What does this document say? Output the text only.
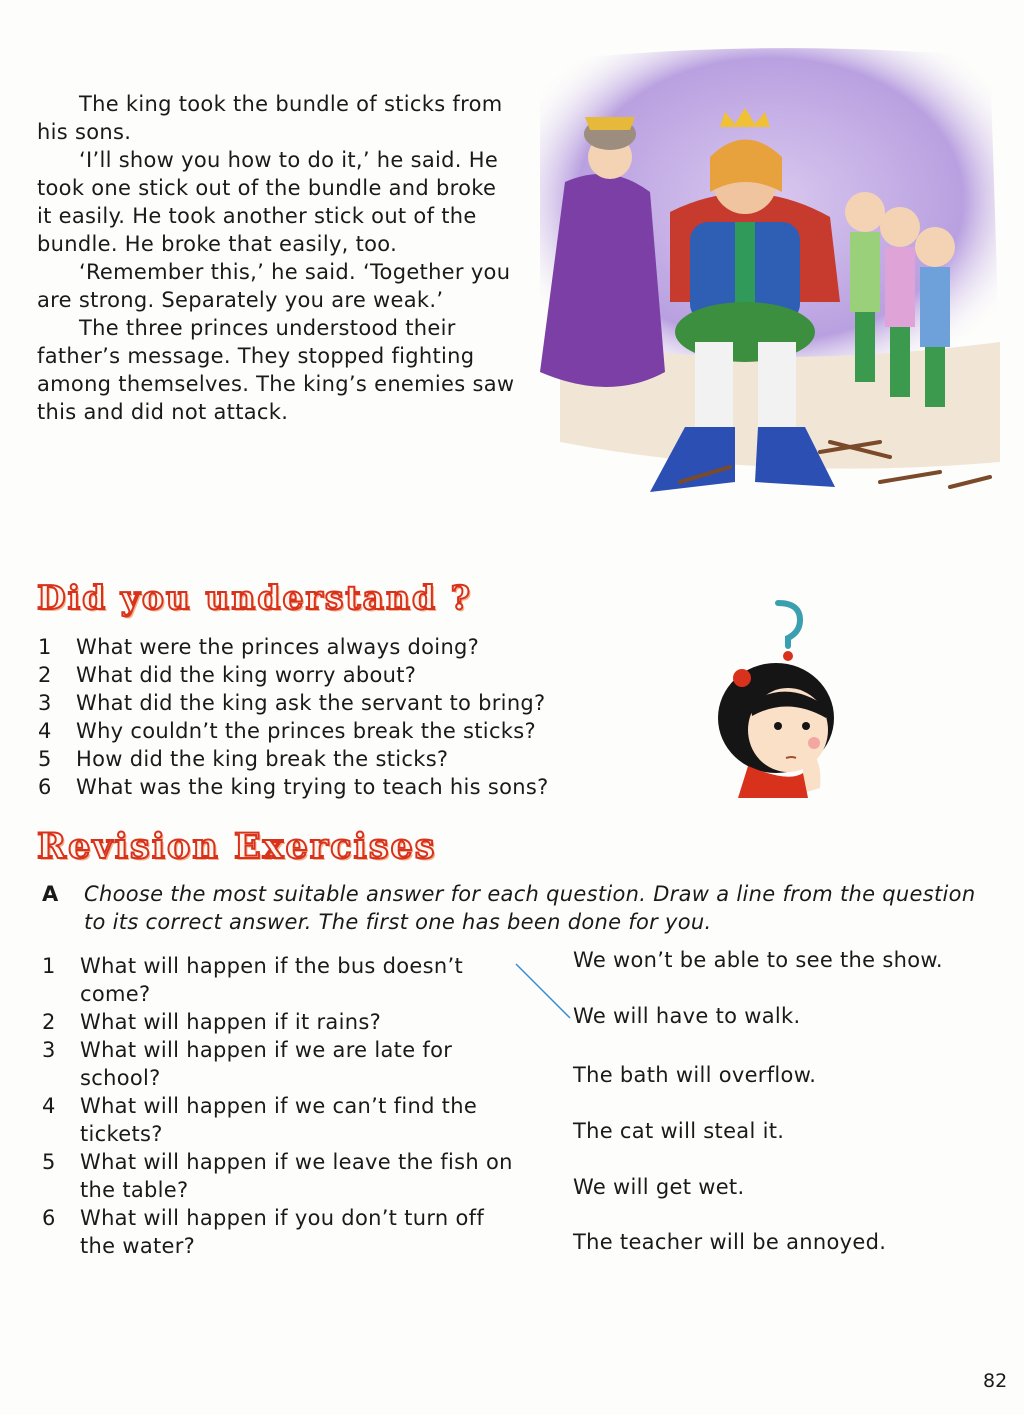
The king took the bundle of sticks from his sons.

‘I’ll show you how to do it,’ he said. He took one stick out of the bundle and broke it easily. He took another stick out of the bundle. He broke that easily, too.

‘Remember this,’ he said. ‘Together you are strong. Separately you are weak.’

The three princes understood their father’s message. They stopped fighting among themselves. The king’s enemies saw this and did not attack.

Did you understand ?
1	What were the princes always doing?
2	What did the king worry about?
3	What did the king ask the servant to bring?
4	Why couldn’t the princes break the sticks?
5	How did the king break the sticks?
6	What was the king trying to teach his sons?
Revision Exercises
A Choose the most suitable answer for each question. Draw a line from the question to its correct answer. The first one has been done for you.
1	What will happen if the bus doesn’t come?
2	What will happen if it rains?
3	What will happen if we are late for school?
4	What will happen if we can’t find the tickets?
5	What will happen if we leave the fish on the table?
6	What will happen if you don’t turn off the water?
We won’t be able to see the show.
We will have to walk.
The bath will overflow.
The cat will steal it.
We will get wet.
The teacher will be annoyed.
82
